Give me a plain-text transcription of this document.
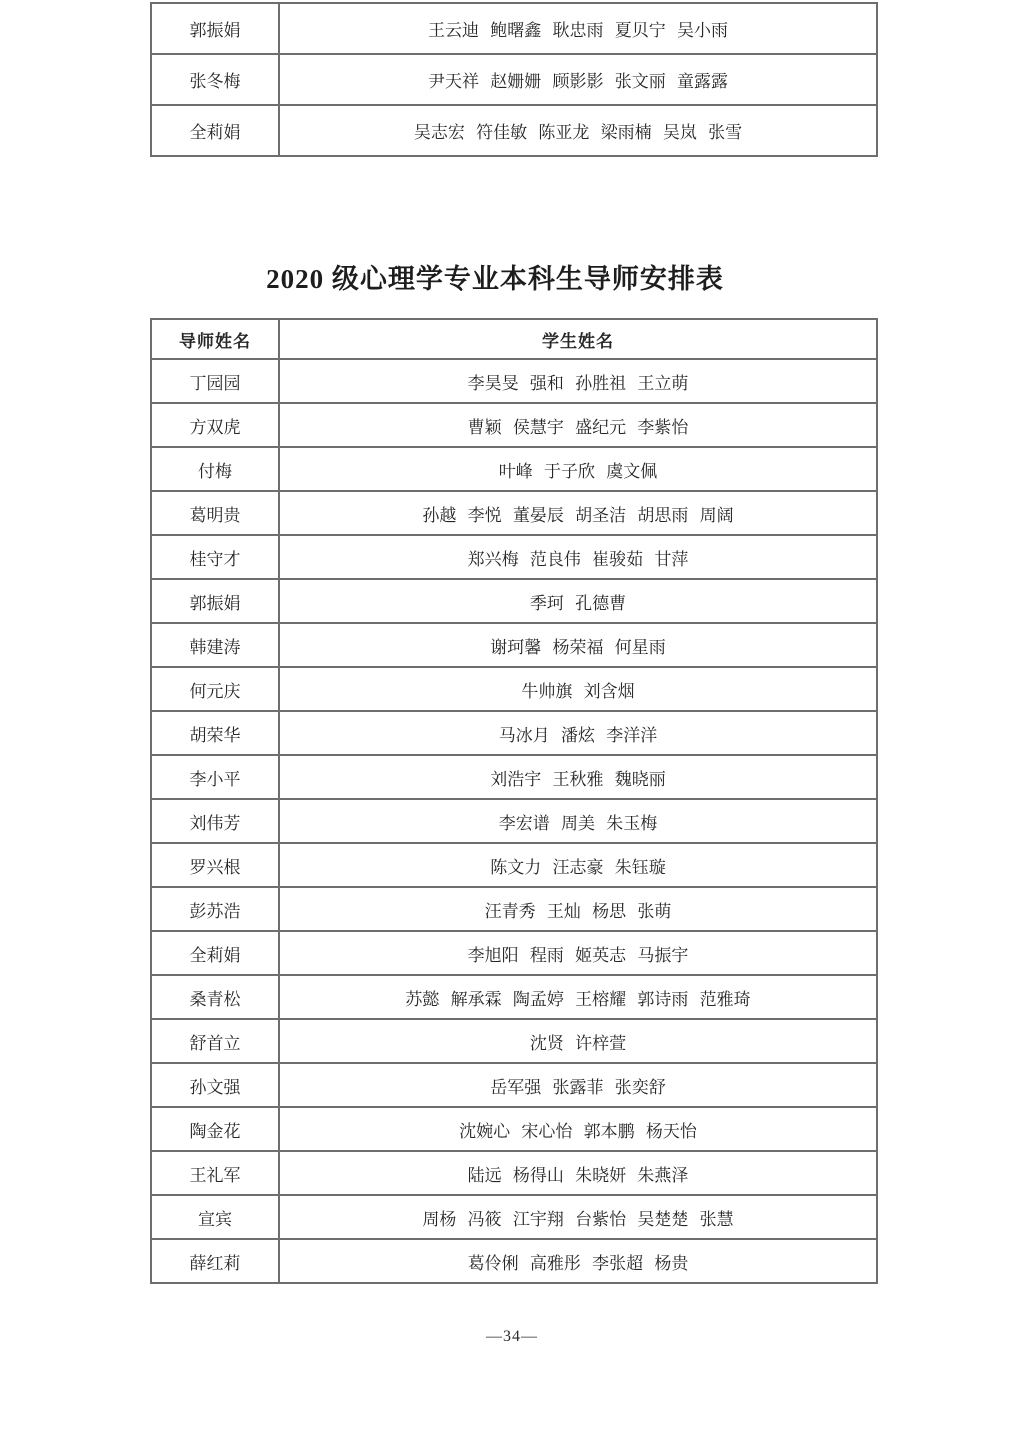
郭振娟	王云迪 鲍曙鑫 耿忠雨 夏贝宁 吴小雨
张冬梅	尹天祥 赵姗姗 顾影影 张文丽 童露露
全莉娟	吴志宏 符佳敏 陈亚龙 梁雨楠 吴岚 张雪
2020 级心理学专业本科生导师安排表
导师姓名	学生姓名
丁园园	李昊旻 强和 孙胜祖 王立萌
方双虎	曹颖 侯慧宇 盛纪元 李紫怡
付梅	叶峰 于子欣 虞文佩
葛明贵	孙越 李悦 董晏辰 胡圣洁 胡思雨 周阔
桂守才	郑兴梅 范良伟 崔骏茹 甘萍
郭振娟	季珂 孔德曹
韩建涛	谢珂馨 杨荣福 何星雨
何元庆	牛帅旗 刘含烟
胡荣华	马冰月 潘炫 李洋洋
李小平	刘浩宇 王秋雅 魏晓丽
刘伟芳	李宏谱 周美 朱玉梅
罗兴根	陈文力 汪志豪 朱钰璇
彭苏浩	汪青秀 王灿 杨思 张萌
全莉娟	李旭阳 程雨 姬英志 马振宇
桑青松	苏懿 解承霖 陶孟婷 王榕耀 郭诗雨 范雅琦
舒首立	沈贤 许梓萱
孙文强	岳军强 张露菲 张奕舒
陶金花	沈婉心 宋心怡 郭本鹏 杨天怡
王礼军	陆远 杨得山 朱晓妍 朱燕泽
宣宾	周杨 冯筱 江宇翔 台紫怡 吴楚楚 张慧
薛红莉	葛伶俐 高雅彤 李张超 杨贵
—34—
